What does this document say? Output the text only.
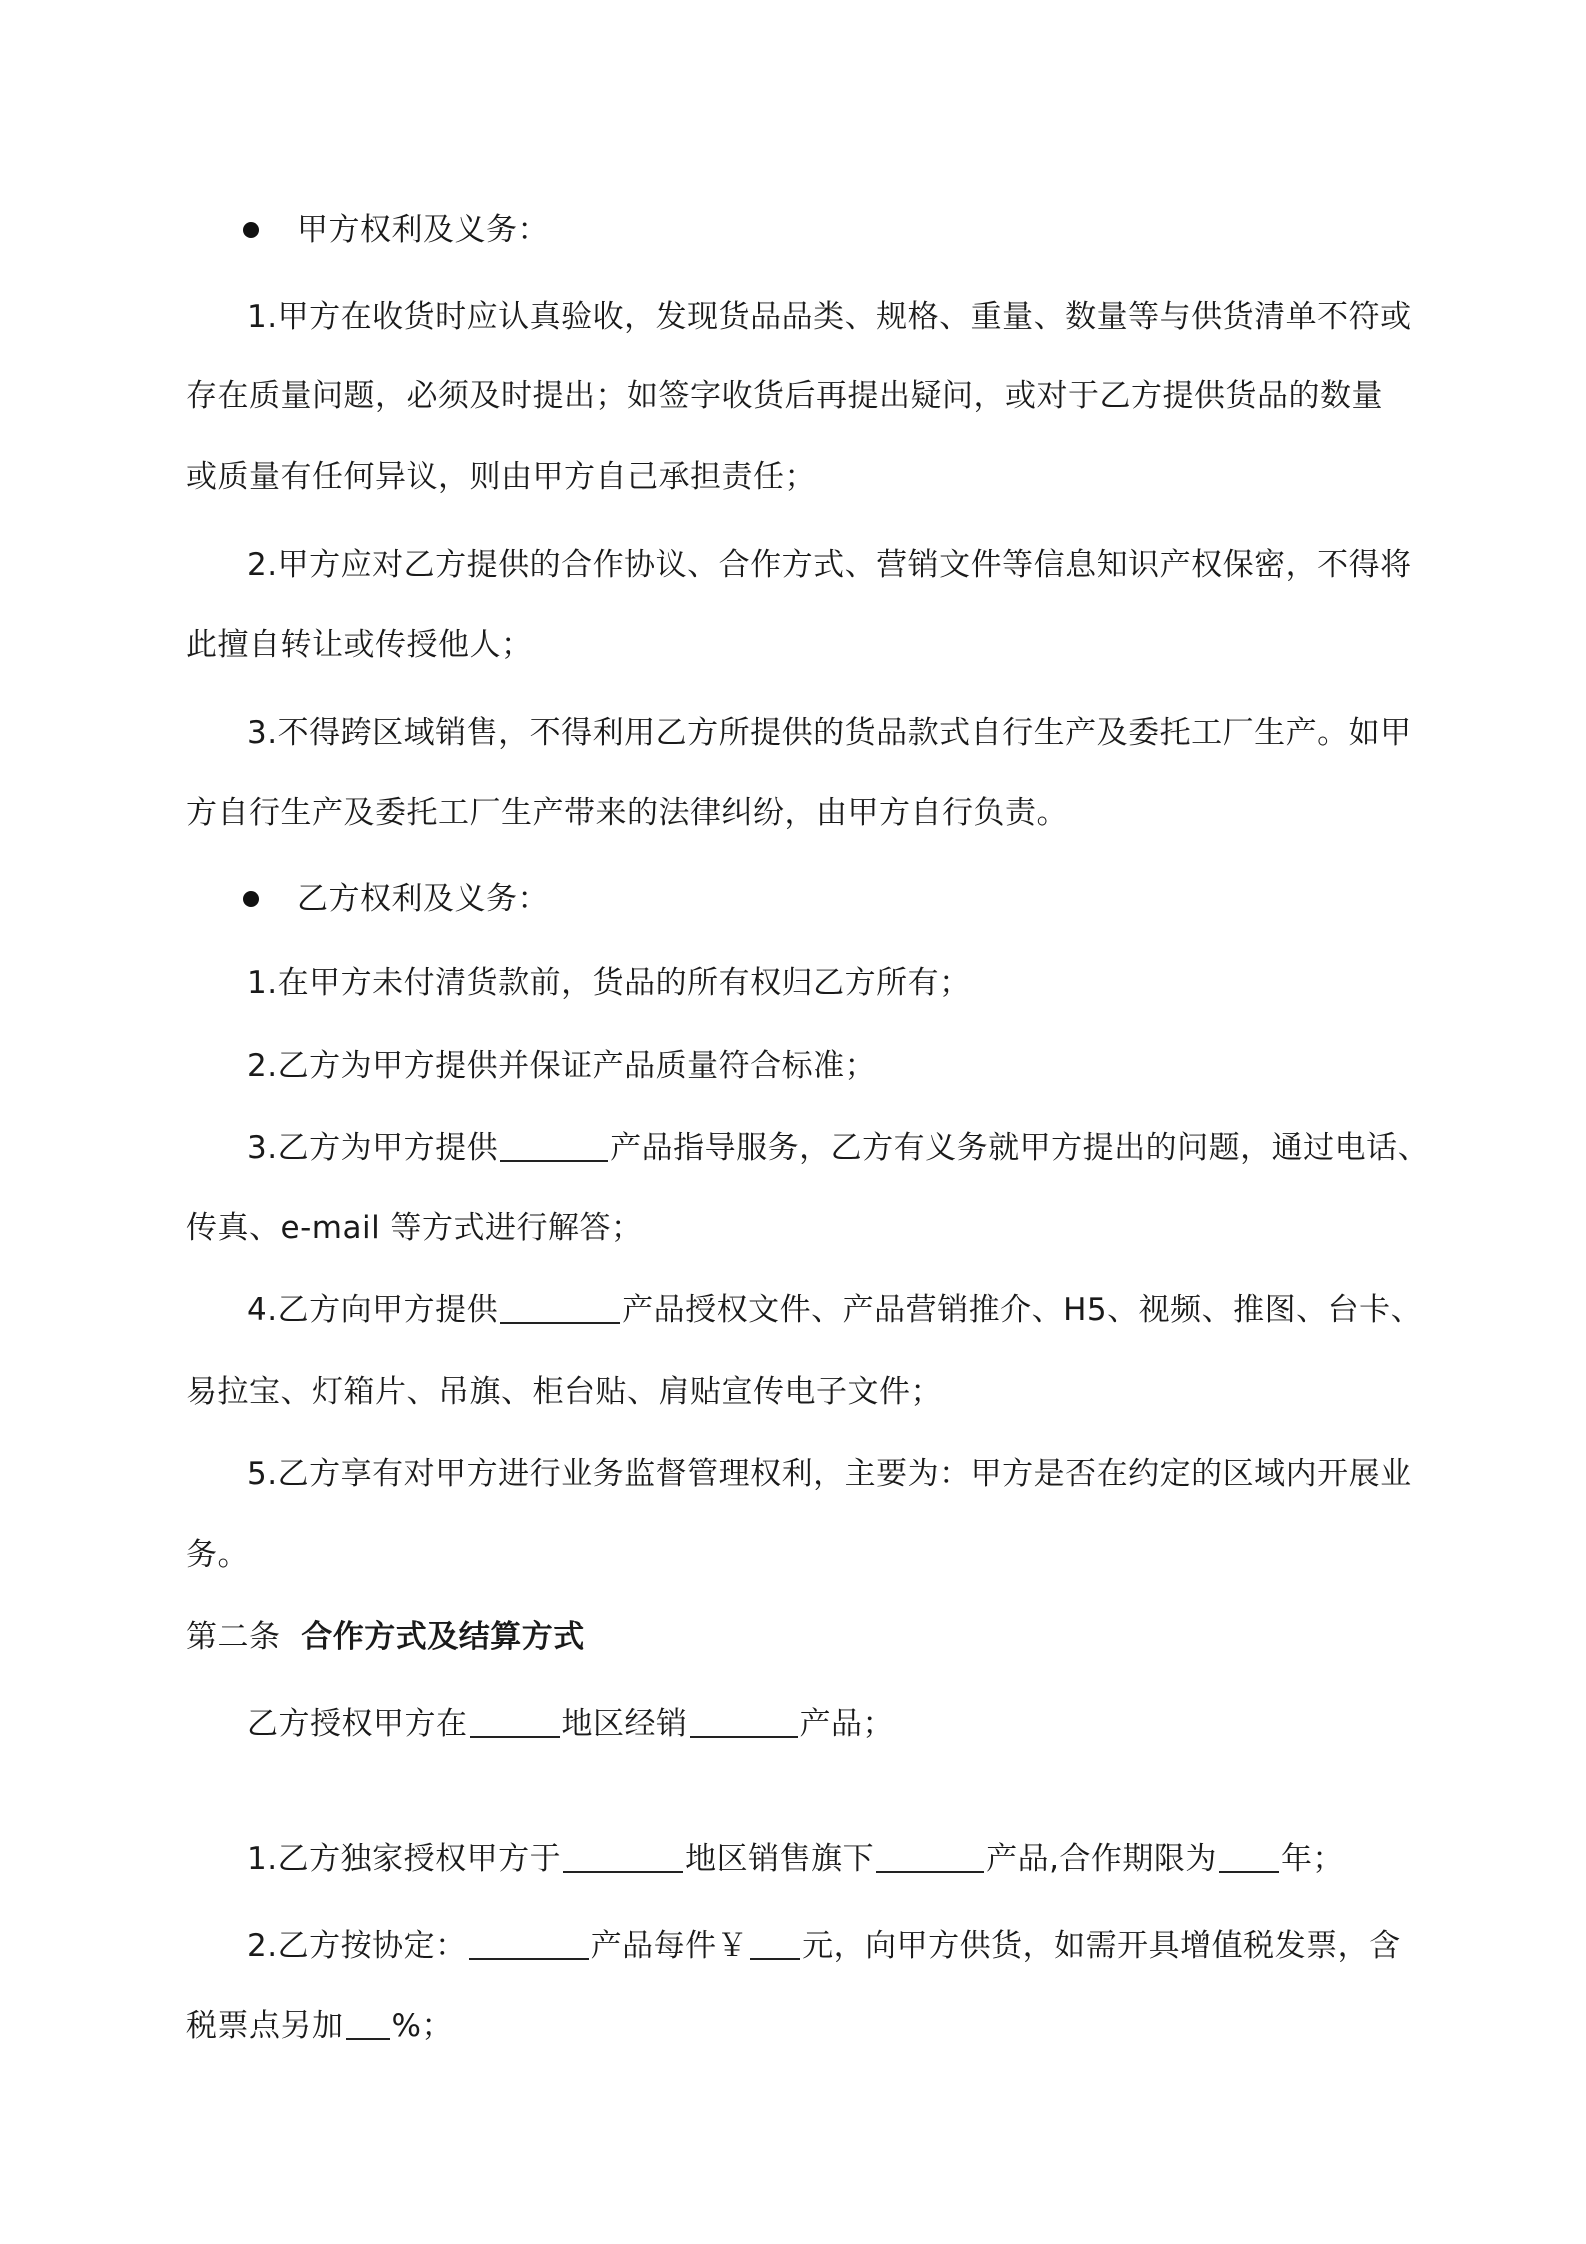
甲方权利及义务：
1.甲方在收货时应认真验收，发现货品品类、规格、重量、数量等与供货清单不符或
存在质量问题，必须及时提出；如签字收货后再提出疑问，或对于乙方提供货品的数量
或质量有任何异议，则由甲方自己承担责任；
2.甲方应对乙方提供的合作协议、合作方式、营销文件等信息知识产权保密，不得将
此擅自转让或传授他人；
3.不得跨区域销售，不得利用乙方所提供的货品款式自行生产及委托工厂生产。如甲
方自行生产及委托工厂生产带来的法律纠纷，由甲方自行负责。
乙方权利及义务：
1.在甲方未付清货款前，货品的所有权归乙方所有；
2.乙方为甲方提供并保证产品质量符合标准；
3.乙方为甲方提供	产品指导服务，乙方有义务就甲方提出的问题，通过电话、
传真、e-mail 等方式进行解答；
4.乙方向甲方提供	产品授权文件、产品营销推介、H5、视频、推图、台卡、
易拉宝、灯箱片、吊旗、柜台贴、肩贴宣传电子文件；
5.乙方享有对甲方进行业务监督管理权利，主要为：甲方是否在约定的区域内开展业
务。
第二条 合作方式及结算方式
乙方授权甲方在	地区经销	产品；
1.乙方独家授权甲方于	地区销售旗下	产品,合作期限为 年；
2.乙方按协定：	产品每件￥ 元，向甲方供货，如需开具增值税发票，含
税票点另加 %；
